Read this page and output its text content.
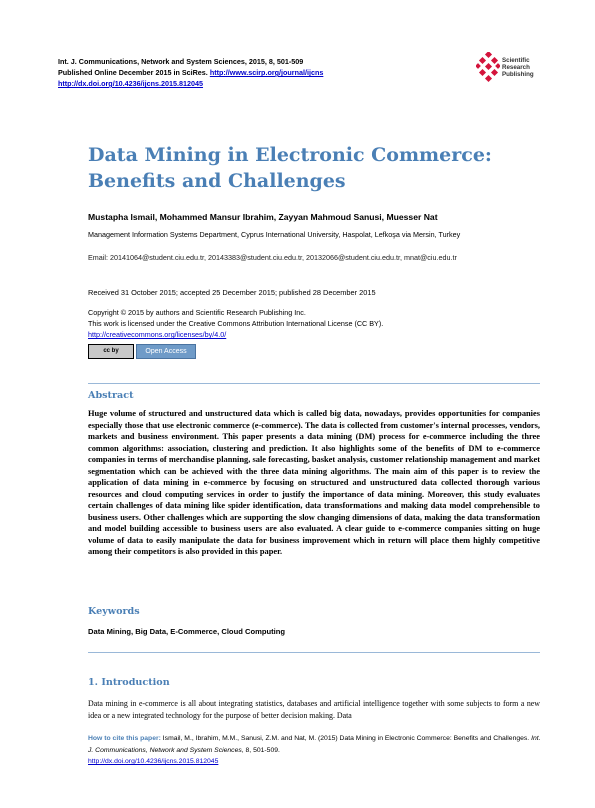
Int. J. Communications, Network and System Sciences, 2015, 8, 501-509
Published Online December 2015 in SciRes. http://www.scirp.org/journal/ijcns
http://dx.doi.org/10.4236/ijcns.2015.812045
Scientific
Research
Publishing
Data Mining in Electronic Commerce: Benefits and Challenges
Mustapha Ismail, Mohammed Mansur Ibrahim, Zayyan Mahmoud Sanusi, Muesser Nat
Management Information Systems Department, Cyprus International University, Haspolat, Lefkoşa via Mersin, Turkey
Email: 20141064@student.ciu.edu.tr, 20143383@student.ciu.edu.tr, 20132066@student.ciu.edu.tr, mnat@ciu.edu.tr
Received 31 October 2015; accepted 25 December 2015; published 28 December 2015
Copyright © 2015 by authors and Scientific Research Publishing Inc.
This work is licensed under the Creative Commons Attribution International License (CC BY).
http://creativecommons.org/licenses/by/4.0/
cc by	Open Access
Abstract
Huge volume of structured and unstructured data which is called big data, nowadays, provides opportunities for companies especially those that use electronic commerce (e-commerce). The data is collected from customer's internal processes, vendors, markets and business environment. This paper presents a data mining (DM) process for e-commerce including the three common algorithms: association, clustering and prediction. It also highlights some of the benefits of DM to e-commerce companies in terms of merchandise planning, sale forecasting, basket analysis, customer relationship management and market segmentation which can be achieved with the three data mining algorithms. The main aim of this paper is to review the application of data mining in e-commerce by focusing on structured and unstructured data collected thorough various resources and cloud computing services in order to justify the importance of data mining. Moreover, this study evaluates certain challenges of data mining like spider identification, data transformations and making data model comprehensible to business users. Other challenges which are supporting the slow changing dimensions of data, making the data transformation and model building accessible to business users are also evaluated. A clear guide to e-commerce companies sitting on huge volume of data to easily manipulate the data for business improvement which in return will place them highly competitive among their competitors is also provided in this paper.
Keywords
Data Mining, Big Data, E-Commerce, Cloud Computing
1. Introduction
Data mining in e-commerce is all about integrating statistics, databases and artificial intelligence together with some subjects to form a new idea or a new integrated technology for the purpose of better decision making. Data
How to cite this paper: Ismail, M., Ibrahim, M.M., Sanusi, Z.M. and Nat, M. (2015) Data Mining in Electronic Commerce: Benefits and Challenges. Int. J. Communications, Network and System Sciences, 8, 501-509.
http://dx.doi.org/10.4236/ijcns.2015.812045
